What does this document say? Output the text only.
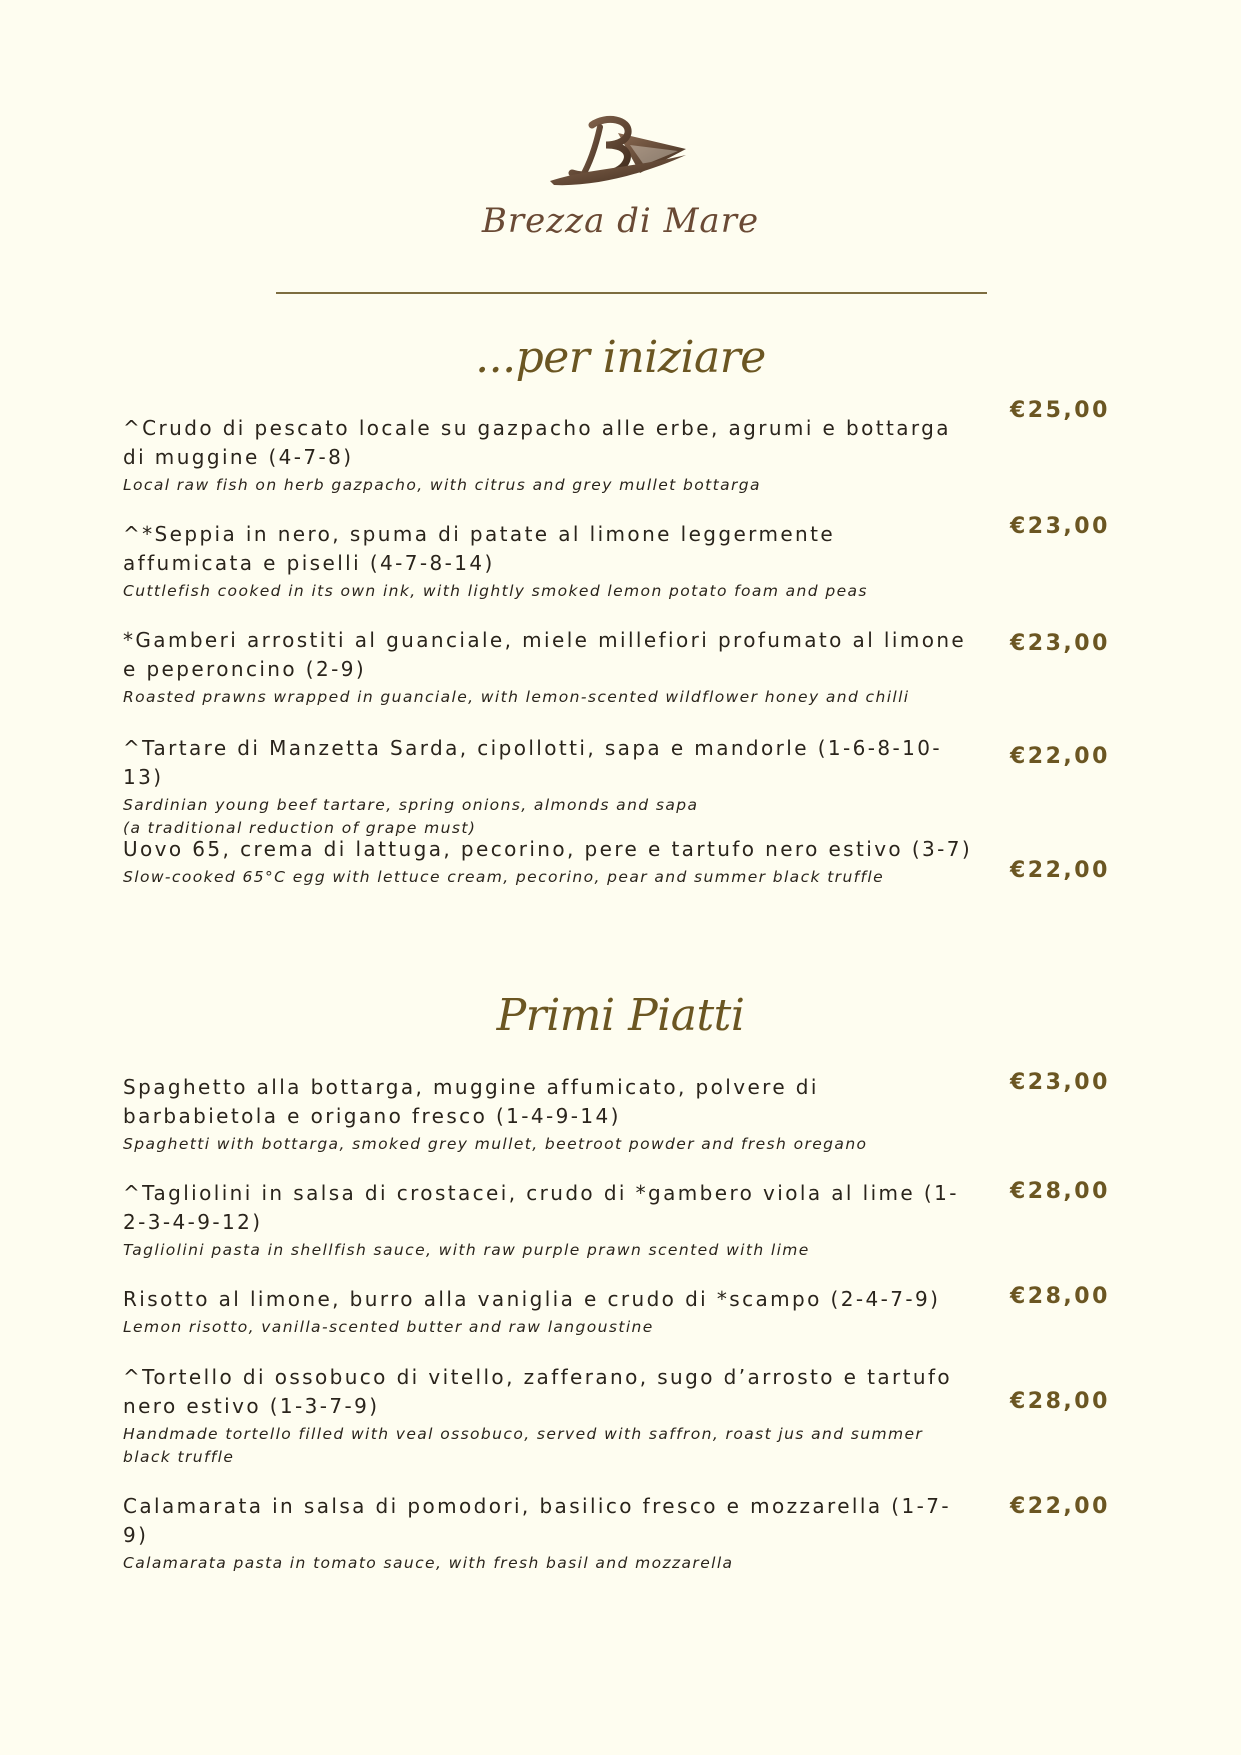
Brezza di Mare
...per iniziare

^Crudo di pescato locale su gazpacho alle erbe, agrumi e bottarga di muggine (4-7-8)

Local raw fish on herb gazpacho, with citrus and grey mullet bottarga

€25,00

^*Seppia in nero, spuma di patate al limone leggermente affumicata e piselli (4-7-8-14)

Cuttlefish cooked in its own ink, with lightly smoked lemon potato foam and peas

€23,00

*Gamberi arrostiti al guanciale, miele millefiori profumato al limone e peperoncino (2-9)

Roasted prawns wrapped in guanciale, with lemon-scented wildflower honey and chilli

€23,00

^Tartare di Manzetta Sarda, cipollotti, sapa e mandorle (1-6-8-10-13)

Sardinian young beef tartare, spring onions, almonds and sapa
(a traditional reduction of grape must)

€22,00

Uovo 65, crema di lattuga, pecorino, pere e tartufo nero estivo (3-7)

Slow-cooked 65°C egg with lettuce cream, pecorino, pear and summer black truffle	€22,00
Primi Piatti

Spaghetto alla bottarga, muggine affumicato, polvere di barbabietola e origano fresco (1-4-9-14)

Spaghetti with bottarga, smoked grey mullet, beetroot powder and fresh oregano

€23,00

^Tagliolini in salsa di crostacei, crudo di *gambero viola al lime (1-2-3-4-9-12)

Tagliolini pasta in shellfish sauce, with raw purple prawn scented with lime

€28,00

Risotto al limone, burro alla vaniglia e crudo di *scampo (2-4-7-9)

Lemon risotto, vanilla-scented butter and raw langoustine

€28,00

^Tortello di ossobuco di vitello, zafferano, sugo d’arrosto e tartufo nero estivo (1-3-7-9)

Handmade tortello filled with veal ossobuco, served with saffron, roast jus and summer black truffle

€28,00

Calamarata in salsa di pomodori, basilico fresco e mozzarella (1-7-9)

Calamarata pasta in tomato sauce, with fresh basil and mozzarella

€22,00
